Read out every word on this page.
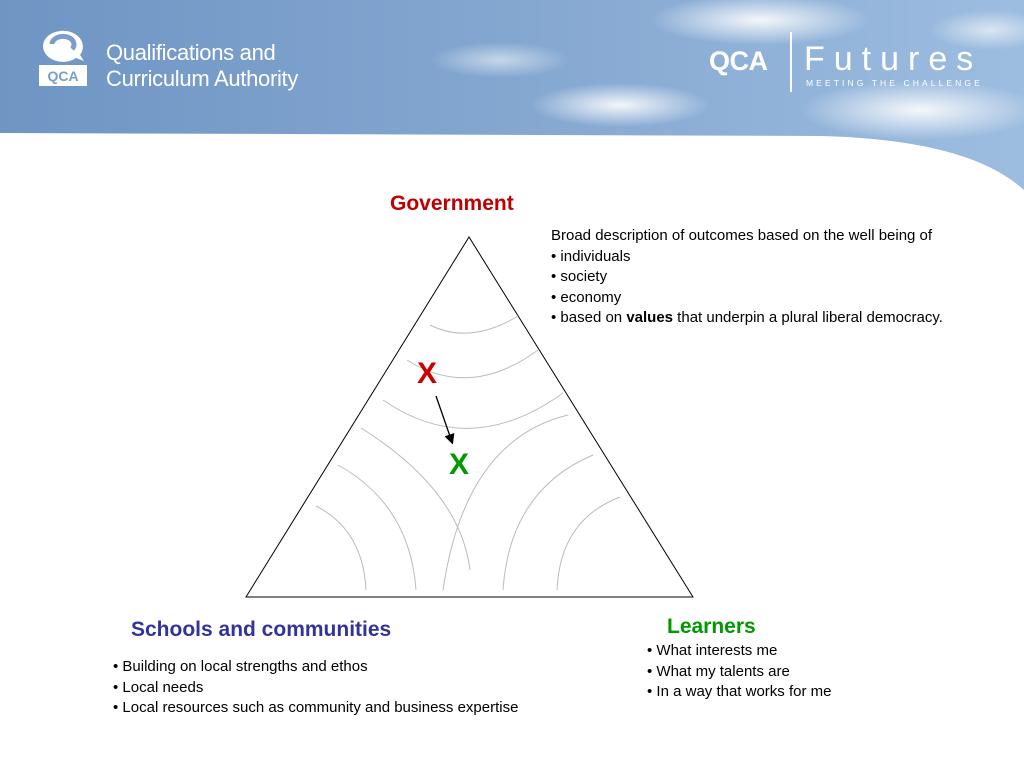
QCA
Qualifications and
Curriculum Authority
QCA Futures
MEETING THE CHALLENGE
Government
Schools and communities	Learners
X
X
Broad description of outcomes based on the well being of
• individuals
• society
• economy
• based on values that underpin a plural liberal democracy.
• Building on local strengths and ethos
• Local needs
• Local resources such as community and business expertise
• What interests me
• What my talents are
• In a way that works for me
